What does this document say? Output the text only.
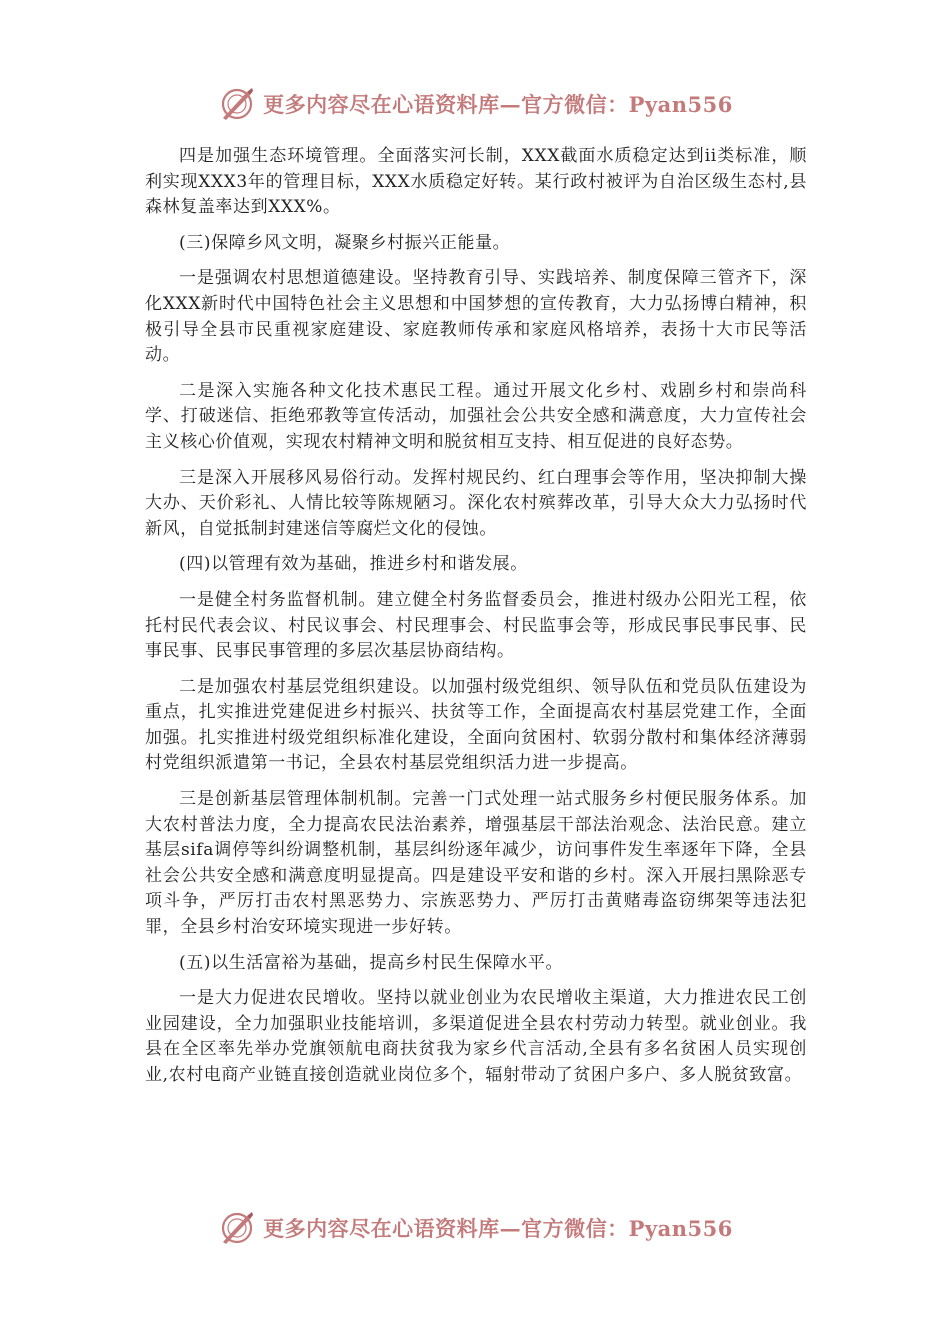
更多内容尽在心语资料库—官方微信：Pyan556

四是加强生态环境管理。全面落实河长制，XXX截面水质稳定达到ii类标准，顺利实现XXX3年的管理目标，XXX水质稳定好转。某行政村被评为自治区级生态村,县森林复盖率达到XXX%。

(三)保障乡风文明，凝聚乡村振兴正能量。

一是强调农村思想道德建设。坚持教育引导、实践培养、制度保障三管齐下，深化XXX新时代中国特色社会主义思想和中国梦想的宣传教育，大力弘扬博白精神，积极引导全县市民重视家庭建设、家庭教师传承和家庭风格培养，表扬十大市民等活动。

二是深入实施各种文化技术惠民工程。通过开展文化乡村、戏剧乡村和崇尚科学、打破迷信、拒绝邪教等宣传活动，加强社会公共安全感和满意度，大力宣传社会主义核心价值观，实现农村精神文明和脱贫相互支持、相互促进的良好态势。

三是深入开展移风易俗行动。发挥村规民约、红白理事会等作用，坚决抑制大操大办、天价彩礼、人情比较等陈规陋习。深化农村殡葬改革，引导大众大力弘扬时代新风，自觉抵制封建迷信等腐烂文化的侵蚀。

(四)以管理有效为基础，推进乡村和谐发展。

一是健全村务监督机制。建立健全村务监督委员会，推进村级办公阳光工程，依托村民代表会议、村民议事会、村民理事会、村民监事会等，形成民事民事民事、民事民事、民事民事管理的多层次基层协商结构。

二是加强农村基层党组织建设。以加强村级党组织、领导队伍和党员队伍建设为重点，扎实推进党建促进乡村振兴、扶贫等工作，全面提高农村基层党建工作，全面加强。扎实推进村级党组织标准化建设，全面向贫困村、软弱分散村和集体经济薄弱村党组织派遣第一书记，全县农村基层党组织活力进一步提高。

三是创新基层管理体制机制。完善一门式处理一站式服务乡村便民服务体系。加大农村普法力度，全力提高农民法治素养，增强基层干部法治观念、法治民意。建立基层sifa调停等纠纷调整机制，基层纠纷逐年减少，访问事件发生率逐年下降，全县社会公共安全感和满意度明显提高。四是建设平安和谐的乡村。深入开展扫黑除恶专项斗争，严厉打击农村黑恶势力、宗族恶势力、严厉打击黄赌毒盗窃绑架等违法犯罪，全县乡村治安环境实现进一步好转。

(五)以生活富裕为基础，提高乡村民生保障水平。

一是大力促进农民增收。坚持以就业创业为农民增收主渠道，大力推进农民工创业园建设，全力加强职业技能培训，多渠道促进全县农村劳动力转型。就业创业。我县在全区率先举办党旗领航电商扶贫我为家乡代言活动,全县有多名贫困人员实现创业,农村电商产业链直接创造就业岗位多个，辐射带动了贫困户多户、多人脱贫致富。

更多内容尽在心语资料库—官方微信：Pyan556
